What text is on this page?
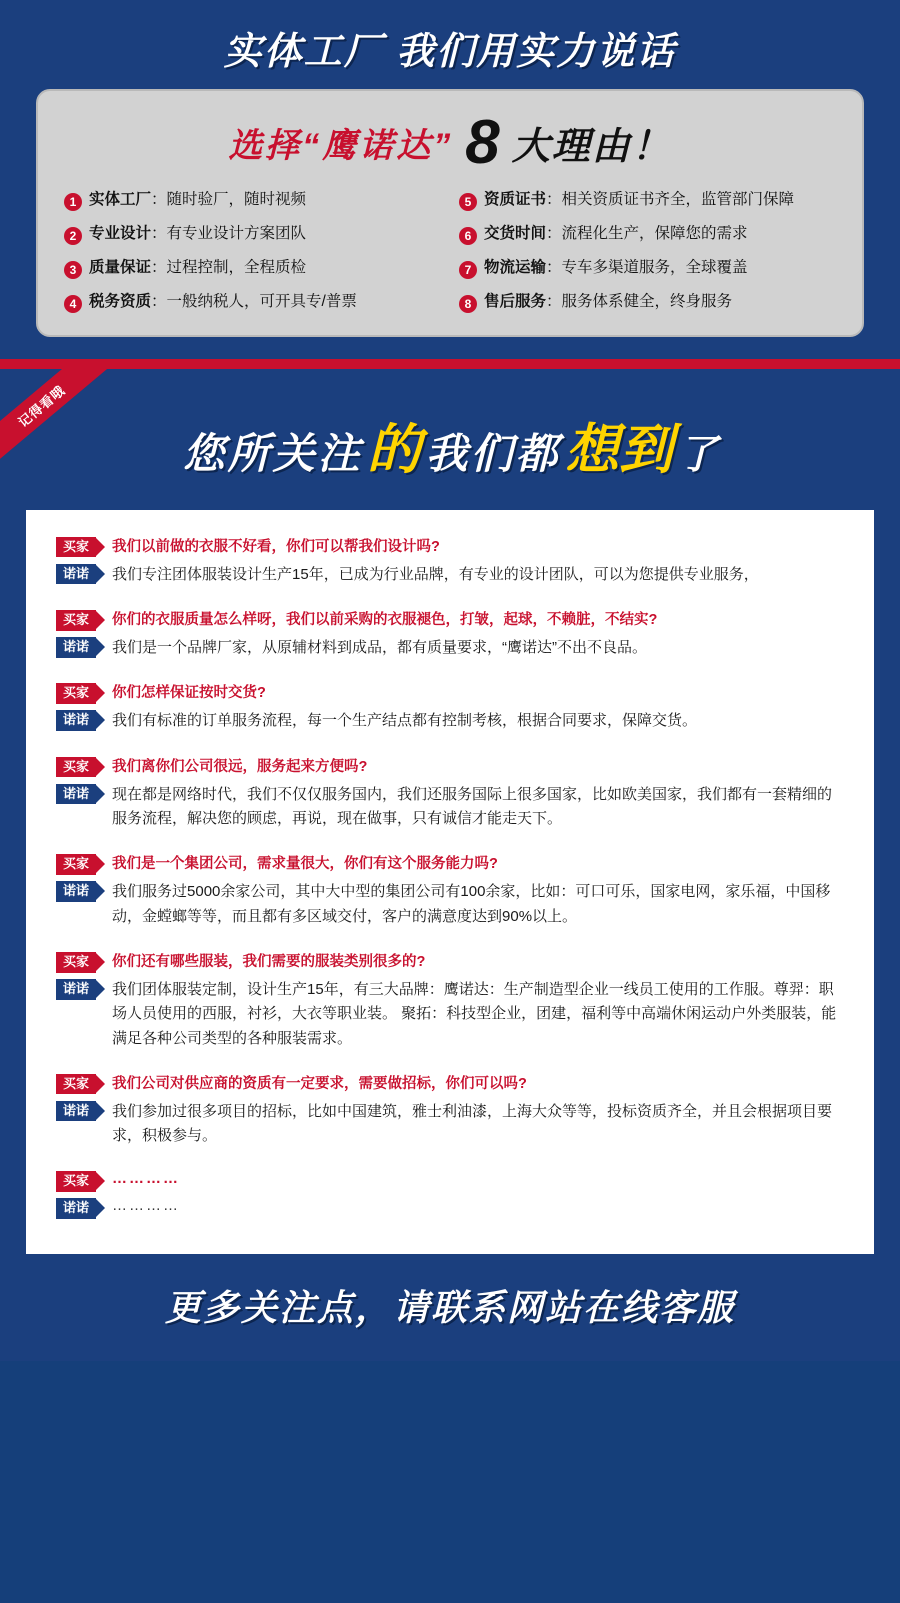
实体工厂 我们用实力说话
选择“鹰诺达” 8 大理由！
1 实体工厂：随时验厂，随时视频	5 资质证书：相关资质证书齐全，监管部门保障
2 专业设计：有专业设计方案团队	6 交货时间：流程化生产，保障您的需求
3 质量保证：过程控制，全程质检	7 物流运输：专车多渠道服务，全球覆盖
4 税务资质：一般纳税人，可开具专/普票	8 售后服务：服务体系健全，终身服务
记得看哦
您所关注 的 我们都 想到 了
买家	我们以前做的衣服不好看，你们可以帮我们设计吗?
诺诺	我们专注团体服装设计生产15年，已成为行业品牌，有专业的设计团队，可以为您提供专业服务，
买家	你们的衣服质量怎么样呀，我们以前采购的衣服褪色，打皱，起球，不赖脏，不结实?
诺诺	我们是一个品牌厂家，从原辅材料到成品，都有质量要求，“鹰诺达”不出不良品。
买家	你们怎样保证按时交货?
诺诺	我们有标准的订单服务流程，每一个生产结点都有控制考核，根据合同要求，保障交货。
买家	我们离你们公司很远，服务起来方便吗?
诺诺	现在都是网络时代，我们不仅仅服务国内，我们还服务国际上很多国家，比如欧美国家，我们都有一套精细的服务流程，解决您的顾虑，再说，现在做事，只有诚信才能走天下。
买家	我们是一个集团公司，需求量很大，你们有这个服务能力吗?
诺诺	我们服务过5000余家公司，其中大中型的集团公司有100余家，比如：可口可乐，国家电网，家乐福，中国移动，金螳螂等等，而且都有多区域交付，客户的满意度达到90%以上。
买家	你们还有哪些服装，我们需要的服装类别很多的?
诺诺	我们团体服装定制，设计生产15年，有三大品牌：鹰诺达：生产制造型企业一线员工使用的工作服。尊羿：职场人员使用的西服，衬衫，大衣等职业装。 聚拓：科技型企业，团建，福利等中高端休闲运动户外类服装，能满足各种公司类型的各种服装需求。
买家	我们公司对供应商的资质有一定要求，需要做招标，你们可以吗?
诺诺	我们参加过很多项目的招标，比如中国建筑，雅士利油漆，上海大众等等，投标资质齐全，并且会根据项目要求，积极参与。
买家	…………
诺诺	…………
更多关注点，请联系网站在线客服
